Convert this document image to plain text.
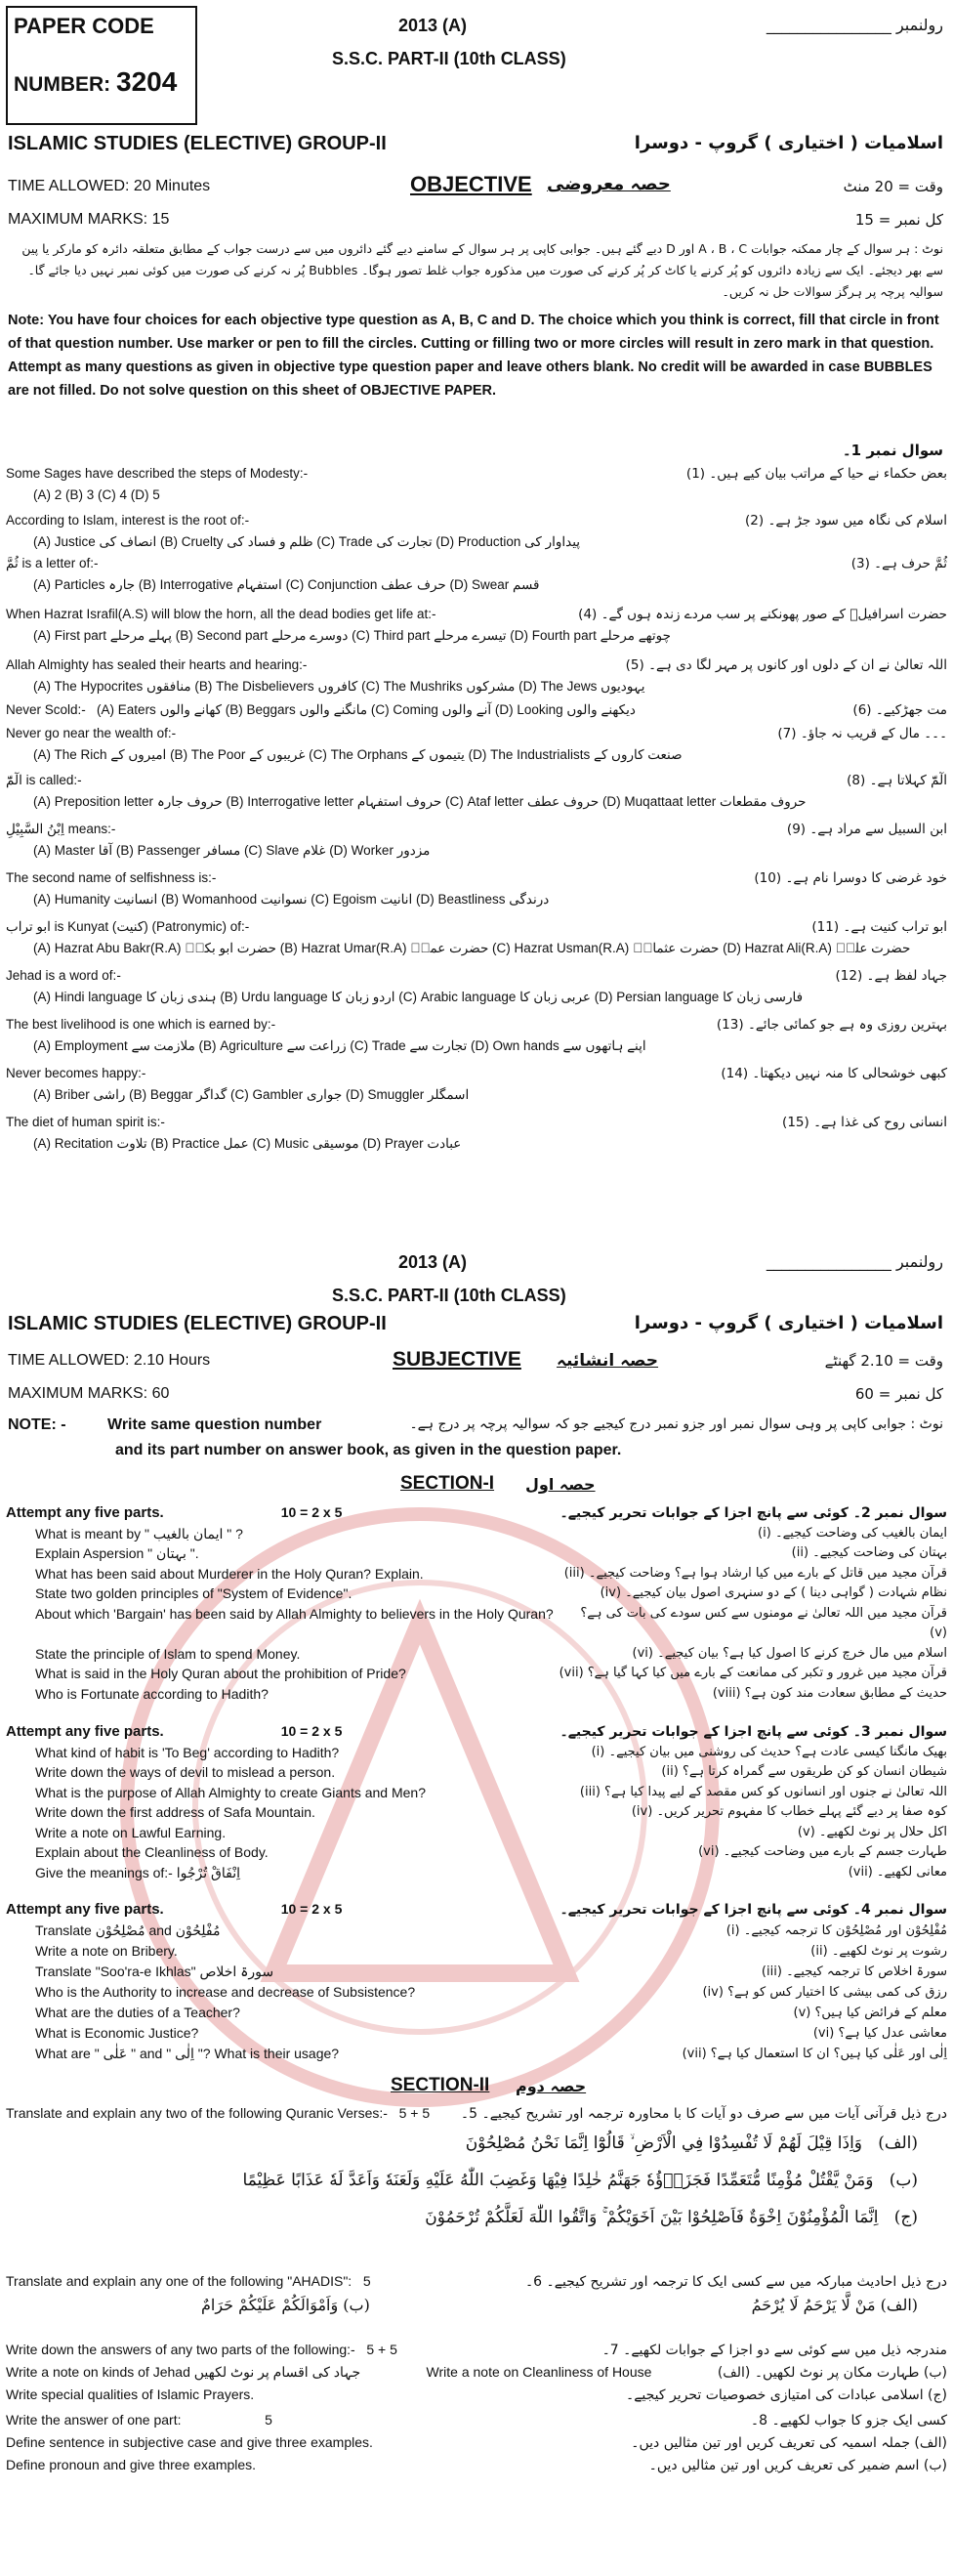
PAPER CODE
NUMBER: 3204
2013 (A)
S.S.C. PART-II (10th CLASS)
رولنمبر ________________
ISLAMIC STUDIES (ELECTIVE) GROUP-II	اسلامیات ( اختیاری ) گروپ - دوسرا
TIME ALLOWED: 20 Minutes	OBJECTIVE حصہ معروضی	وقت = 20 منٹ
MAXIMUM MARKS: 15	کل نمبر = 15
نوٹ : ہر سوال کے چار ممکنہ جوابات A ، B ، C اور D دیے گئے ہیں۔ جوابی کاپی پر ہر سوال کے سامنے دیے گئے دائروں میں سے درست جواب کے مطابق متعلقہ دائرہ کو مارکر یا پین سے بھر دیجئے۔ ایک سے زیادہ دائروں کو پُر کرنے یا کاٹ کر پُر کرنے کی صورت میں مذکورہ جواب غلط تصور ہوگا۔ Bubbles پُر نہ کرنے کی صورت میں کوئی نمبر نہیں دیا جائے گا۔ سوالیہ پرچہ پر ہرگز سوالات حل نہ کریں۔
Note: You have four choices for each objective type question as A, B, C and D. The choice which you think is correct, fill that circle in front of that question number. Use marker or pen to fill the circles. Cutting or filling two or more circles will result in zero mark in that question. Attempt as many questions as given in objective type question paper and leave others blank. No credit will be awarded in case BUBBLES are not filled. Do not solve question on this sheet of OBJECTIVE PAPER.
سوال نمبر 1۔
Some Sages have described the steps of Modesty:-	بعض حکماء نے حیا کے مراتب بیان کیے ہیں۔ (1)
(A) 2 (B) 3 (C) 4 (D) 5
According to Islam, interest is the root of:-	اسلام کی نگاہ میں سود جڑ ہے۔ (2)
(A) Justice انصاف کی (B) Cruelty ظلم و فساد کی (C) Trade تجارت کی (D) Production پیداوار کی
ثُمَّ is a letter of:-	ثُمَّ حرف ہے۔ (3)
(A) Particles جارہ (B) Interrogative استفہام (C) Conjunction حرف عطف (D) Swear قسم
When Hazrat Israfil(A.S) will blow the horn, all the dead bodies get life at:-	حضرت اسرافیلؑ کے صور پھونکنے پر سب مردے زندہ ہوں گے۔ (4)
(A) First part پہلے مرحلے (B) Second part دوسرے مرحلے (C) Third part تیسرے مرحلے (D) Fourth part چوتھے مرحلے
Allah Almighty has sealed their hearts and hearing:-	اللہ تعالیٰ نے ان کے دلوں اور کانوں پر مہر لگا دی ہے۔ (5)
(A) The Hypocrites منافقوں (B) The Disbelievers کافروں (C) The Mushriks مشرکوں (D) The Jews یہودیوں
Never Scold:- (A) Eaters کھانے والوں (B) Beggars مانگنے والوں (C) Coming آنے والوں (D) Looking دیکھنے والوں	مت جھڑکیے۔ (6)
Never go near the wealth of:-	۔۔۔ مال کے قریب نہ جاؤ۔ (7)
(A) The Rich امیروں کے (B) The Poor غریبوں کے (C) The Orphans یتیموں کے (D) The Industrialists صنعت کاروں کے
الٓمّٓ is called:-	الٓمّٓ کہلاتا ہے۔ (8)
(A) Preposition letter حروف جارہ (B) Interrogative letter حروف استفہام (C) Ataf letter حروف عطف (D) Muqattaat letter حروف مقطعات
اِبْنُ السَّبِیْلِ means:-	ابن السبیل سے مراد ہے۔ (9)
(A) Master آقا (B) Passenger مسافر (C) Slave غلام (D) Worker مزدور
The second name of selfishness is:-	خود غرضی کا دوسرا نام ہے۔ (10)
(A) Humanity انسانیت (B) Womanhood نسوانیت (C) Egoism انانیت (D) Beastliness درندگی
ابو تراب is Kunyat (کنیت) (Patronymic) of:-	ابو تراب کنیت ہے۔ (11)
(A) Hazrat Abu Bakr(R.A) حضرت ابو بکرؓ (B) Hazrat Umar(R.A) حضرت عمرؓ (C) Hazrat Usman(R.A) حضرت عثمانؓ (D) Hazrat Ali(R.A) حضرت علیؓ
Jehad is a word of:-	جہاد لفظ ہے۔ (12)
(A) Hindi language ہندی زبان کا (B) Urdu language اردو زبان کا (C) Arabic language عربی زبان کا (D) Persian language فارسی زبان کا
The best livelihood is one which is earned by:-	بہترین روزی وہ ہے جو کمائی جائے۔ (13)
(A) Employment ملازمت سے (B) Agriculture زراعت سے (C) Trade تجارت سے (D) Own hands اپنے ہاتھوں سے
Never becomes happy:-	کبھی خوشحالی کا منہ نہیں دیکھتا۔ (14)
(A) Briber راشی (B) Beggar گداگر (C) Gambler جواری (D) Smuggler اسمگلر
The diet of human spirit is:-	انسانی روح کی غذا ہے۔ (15)
(A) Recitation تلاوت (B) Practice عمل (C) Music موسیقی (D) Prayer عبادت
2013 (A)	رولنمبر ________________
S.S.C. PART-II (10th CLASS)
ISLAMIC STUDIES (ELECTIVE) GROUP-II	اسلامیات ( اختیاری ) گروپ - دوسرا
TIME ALLOWED: 2.10 Hours	SUBJECTIVE حصہ انشائیہ	وقت = 2.10 گھنٹے
MAXIMUM MARKS: 60	کل نمبر = 60
NOTE: -	Write same question number	نوٹ : جوابی کاپی پر وہی سوال نمبر اور جزو نمبر درج کیجیے جو کہ سوالیہ پرچہ پر درج ہے۔
and its part number on answer book, as given in the question paper.
SECTION-I حصہ اول
Attempt any five parts.	10 = 2 x 5	سوال نمبر 2۔ کوئی سے پانچ اجزا کے جوابات تحریر کیجیے۔
What is meant by " ایمان بالغیب " ?	ایمان بالغیب کی وضاحت کیجیے۔ (i)
Explain Aspersion " بہتان ".	بہتان کی وضاحت کیجیے۔ (ii)
What has been said about Murderer in the Holy Quran? Explain.	قرآن مجید میں قاتل کے بارے میں کیا ارشاد ہوا ہے؟ وضاحت کیجیے۔ (iii)
State two golden principles of "System of Evidence".	نظام شہادت ( گواہی دینا ) کے دو سنہری اصول بیان کیجیے۔ (iv)
About which 'Bargain' has been said by Allah Almighty to believers in the Holy Quran?	قرآن مجید میں اللہ تعالیٰ نے مومنوں سے کس سودے کی بات کی ہے؟ (v)
State the principle of Islam to spend Money.	اسلام میں مال خرچ کرنے کا اصول کیا ہے؟ بیان کیجیے۔ (vi)
What is said in the Holy Quran about the prohibition of Pride?	قرآن مجید میں غرور و تکبر کی ممانعت کے بارے میں کیا کہا گیا ہے؟ (vii)
Who is Fortunate according to Hadith?	حدیث کے مطابق سعادت مند کون ہے؟ (viii)
Attempt any five parts.	10 = 2 x 5	سوال نمبر 3۔ کوئی سے پانچ اجزا کے جوابات تحریر کیجیے۔
What kind of habit is 'To Beg' according to Hadith?	بھیک مانگنا کیسی عادت ہے؟ حدیث کی روشنی میں بیان کیجیے۔ (i)
Write down the ways of devil to mislead a person.	شیطان انسان کو کن طریقوں سے گمراہ کرتا ہے؟ (ii)
What is the purpose of Allah Almighty to create Giants and Men?	اللہ تعالیٰ نے جنوں اور انسانوں کو کس مقصد کے لیے پیدا کیا ہے؟ (iii)
Write down the first address of Safa Mountain.	کوہ صفا پر دیے گئے پہلے خطاب کا مفہوم تحریر کریں۔ (iv)
Write a note on Lawful Earning.	اکل حلال پر نوٹ لکھیے۔ (v)
Explain about the Cleanliness of Body.	طہارت جسم کے بارے میں وضاحت کیجیے۔ (vi)
Give the meanings of:- اِنْفَاقْ تُرْجُوا	معانی لکھیے۔ (vii)
Attempt any five parts.	10 = 2 x 5	سوال نمبر 4۔ کوئی سے پانچ اجزا کے جوابات تحریر کیجیے۔
Translate مُصْلِحُوْن and مُفْلِحُوْن	مُفْلِحُوْن اور مُصْلِحُوْن کا ترجمہ کیجیے۔ (i)
Write a note on Bribery.	رشوت پر نوٹ لکھیے۔ (ii)
Translate "Soo'ra-e Ikhlas" سورۃ اخلاص	سورۃ اخلاص کا ترجمہ کیجیے۔ (iii)
Who is the Authority to increase and decrease of Subsistence?	رزق کی کمی بیشی کا اختیار کس کو ہے؟ (iv)
What are the duties of a Teacher?	معلم کے فرائض کیا ہیں؟ (v)
What is Economic Justice?	معاشی عدل کیا ہے؟ (vi)
What are " عَلٰی " and " اِلٰی "? What is their usage?	اِلٰی اور عَلٰی کیا ہیں؟ ان کا استعمال کیا ہے؟ (vii)
SECTION-II حصہ دوم
Translate and explain any two of the following Quranic Verses:- 5 + 5	درج ذیل قرآنی آیات میں سے صرف دو آیات کا با محاورہ ترجمہ اور تشریح کیجیے۔ 5۔
(الف)   وَاِذَا قِيْلَ لَهُمْ لَا تُفْسِدُوْا فِي الْاَرْضِ ۙ قَالُوْٓا اِنَّمَا نَحْنُ مُصْلِحُوْنَ
(ب)   وَمَنْ يَّقْتُلْ مُؤْمِنًا مُّتَعَمِّدًا فَجَزَاۗؤُهٗ جَهَنَّمُ خٰلِدًا فِيْهَا وَغَضِبَ اللّٰهُ عَلَيْهِ وَلَعَنَهٗ وَاَعَدَّ لَهٗ عَذَابًا عَظِيْمًا
(ج)   اِنَّمَا الْمُؤْمِنُوْنَ اِخْوَةٌ فَاَصْلِحُوْا بَيْنَ اَخَوَيْكُمْ ۚ وَاتَّقُوا اللّٰهَ لَعَلَّكُمْ تُرْحَمُوْنَ
Translate and explain any one of the following "AHADIS": 5	درج ذیل احادیث مبارکہ میں سے کسی ایک کا ترجمہ اور تشریح کیجیے۔ 6۔
(الف) مَنْ لَّا يَرْحَمُ لَا يُرْحَمُ
(ب) وَاَمْوَالَكُمْ عَلَيْكُمْ حَرَامٌ
Write down the answers of any two parts of the following:- 5 + 5	مندرجہ ذیل میں سے کوئی سے دو اجزا کے جوابات لکھیے۔ 7۔
Write a note on kinds of Jehad جہاد کی اقسام پر نوٹ لکھیں	Write a note on Cleanliness of House	(ب) طہارت مکان پر نوٹ لکھیں۔ (الف)
Write special qualities of Islamic Prayers.	(ج) اسلامی عبادات کی امتیازی خصوصیات تحریر کیجیے۔
Write the answer of one part:	5	کسی ایک جزو کا جواب لکھیے۔ 8۔
Define sentence in subjective case and give three examples.	(الف) جملہ اسمیہ کی تعریف کریں اور تین مثالیں دیں۔
Define pronoun and give three examples.	(ب) اسم ضمیر کی تعریف کریں اور تین مثالیں دیں۔
